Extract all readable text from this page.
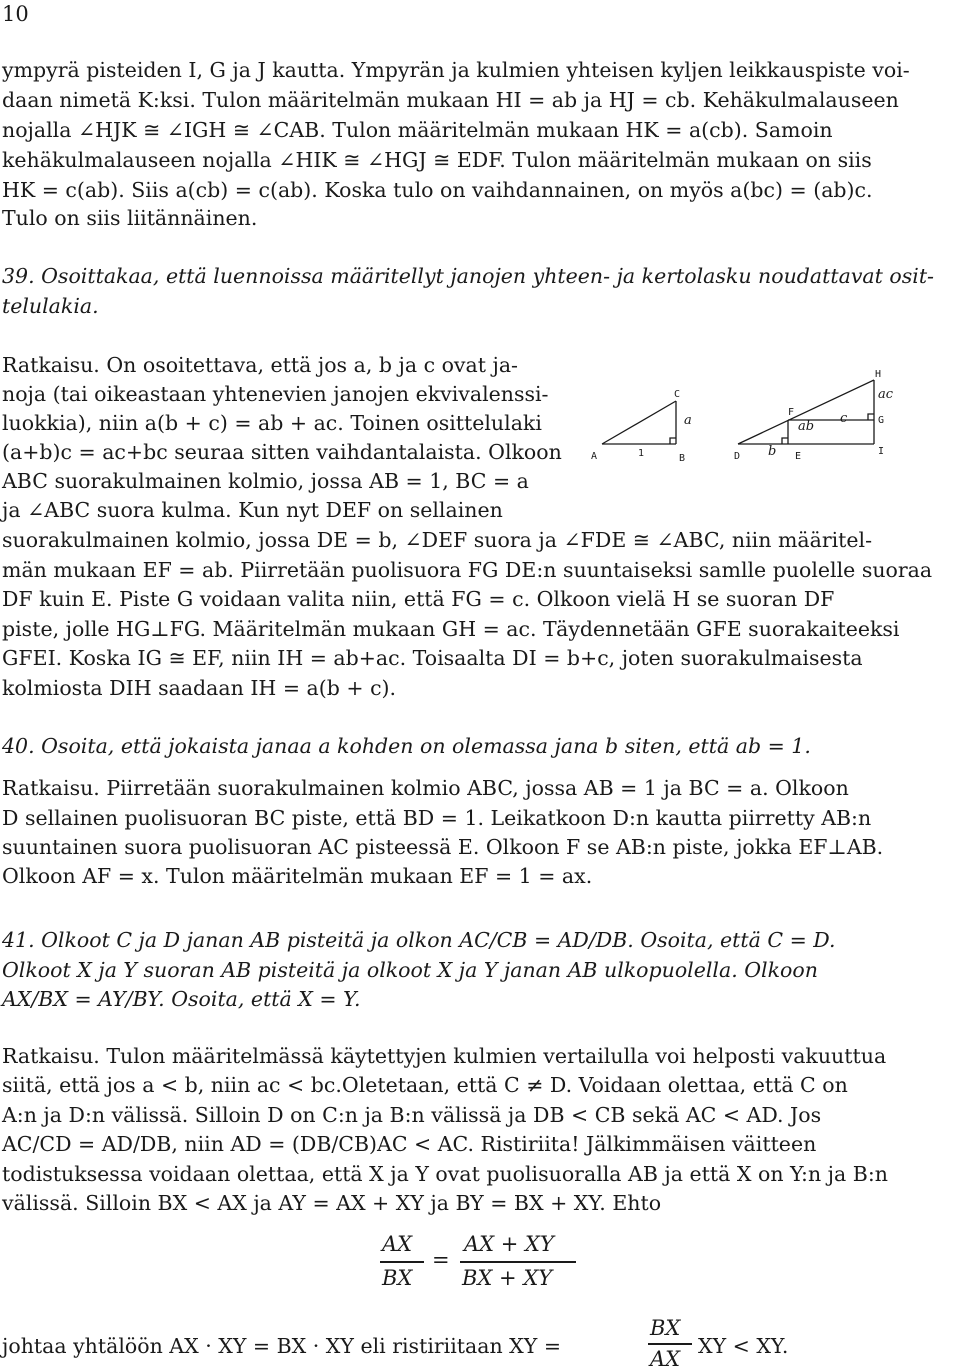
10
ympyrä pisteiden I, G ja J kautta. Ympyrän ja kulmien yhteisen kyljen leikkauspiste voi-
daan nimetä K:ksi. Tulon määritelmän mukaan HI = ab ja HJ = cb. Kehäkulmalauseen
nojalla ∠HJK ≅ ∠IGH ≅ ∠CAB. Tulon määritelmän mukaan HK = a(cb). Samoin
kehäkulmalauseen nojalla ∠HIK ≅ ∠HGJ ≅ EDF. Tulon määritelmän mukaan on siis
HK = c(ab). Siis a(cb) = c(ab). Koska tulo on vaihdannainen, on myös a(bc) = (ab)c.
Tulo on siis liitännäinen.
39. Osoittakaa, että luennoissa määritellyt janojen yhteen- ja kertolasku noudattavat osit-
telulakia.
Ratkaisu. On osoitettava, että jos a, b ja c ovat ja-
noja (tai oikeastaan yhtenevien janojen ekvivalenssi-
luokkia), niin a(b + c) = ab + ac. Toinen osittelulaki
(a+b)c = ac+bc seuraa sitten vaihdantalaista. Olkoon
ABC suorakulmainen kolmio, jossa AB = 1, BC = a
ja ∠ABC suora kulma. Kun nyt DEF on sellainen
suorakulmainen kolmio, jossa DE = b, ∠DEF suora ja ∠FDE ≅ ∠ABC, niin määritel-
män mukaan EF = ab. Piirretään puolisuora FG DE:n suuntaiseksi samlle puolelle suoraa
DF kuin E. Piste G voidaan valita niin, että FG = c. Olkoon vielä H se suoran DF
piste, jolle HG⊥FG. Määritelmän mukaan GH = ac. Täydennetään GFE suorakaiteeksi
GFEI. Koska IG ≅ EF, niin IH = ab+ac. Toisaalta DI = b+c, joten suorakulmaisesta
kolmiosta DIH saadaan IH = a(b + c).
40. Osoita, että jokaista janaa a kohden on olemassa jana b siten, että ab = 1.
Ratkaisu. Piirretään suorakulmainen kolmio ABC, jossa AB = 1 ja BC = a. Olkoon
D sellainen puolisuoran BC piste, että BD = 1. Leikatkoon D:n kautta piirretty AB:n
suuntainen suora puolisuoran AC pisteessä E. Olkoon F se AB:n piste, jokka EF⊥AB.
Olkoon AF = x. Tulon määritelmän mukaan EF = 1 = ax.
41. Olkoot C ja D janan AB pisteitä ja olkon AC/CB = AD/DB. Osoita, että C = D.
Olkoot X ja Y suoran AB pisteitä ja olkoot X ja Y janan AB ulkopuolella. Olkoon
AX/BX = AY/BY. Osoita, että X = Y.
Ratkaisu. Tulon määritelmässä käytettyjen kulmien vertailulla voi helposti vakuuttua
siitä, että jos a < b, niin ac < bc.Oletetaan, että C ≠ D. Voidaan olettaa, että C on
A:n ja D:n välissä. Silloin D on C:n ja B:n välissä ja DB < CB sekä AC < AD. Jos
AC/CD = AD/DB, niin AD = (DB/CB)AC < AC. Ristiriita! Jälkimmäisen väitteen
todistuksessa voidaan olettaa, että X ja Y ovat puolisuoralla AB ja että X on Y:n ja B:n
välissä. Silloin BX < AX ja AY = AX + XY ja BY = BX + XY. Ehto
A	1	B
C
D	E
F
G
H
I
a
b
ab
c
ac
AX
BX
=
AX + XY
BX + XY
johtaa yhtälöön AX · XY = BX · XY eli ristiriitaan XY =
BX
AX
XY < XY.
